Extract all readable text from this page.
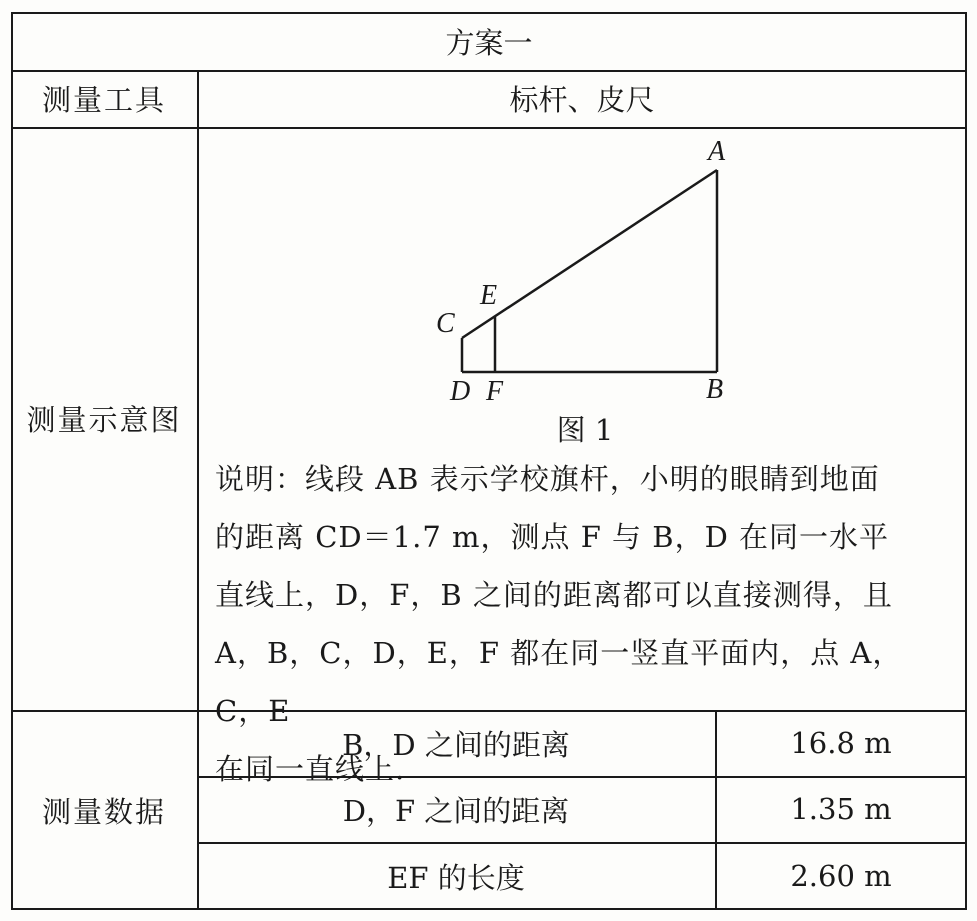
方案一
测量工具	标杆、皮尺
测量示意图
A
B
C
D
E
F
图 1
说明：线段 AB 表示学校旗杆，小明的眼睛到地面
的距离 CD＝1.7 m，测点 F 与 B，D 在同一水平
直线上，D，F，B 之间的距离都可以直接测得，且
A，B，C，D，E，F 都在同一竖直平面内，点 A，C，E
在同一直线上.
测量数据
B，D 之间的距离	16.8 m
D，F 之间的距离	1.35 m
EF 的长度	2.60 m
